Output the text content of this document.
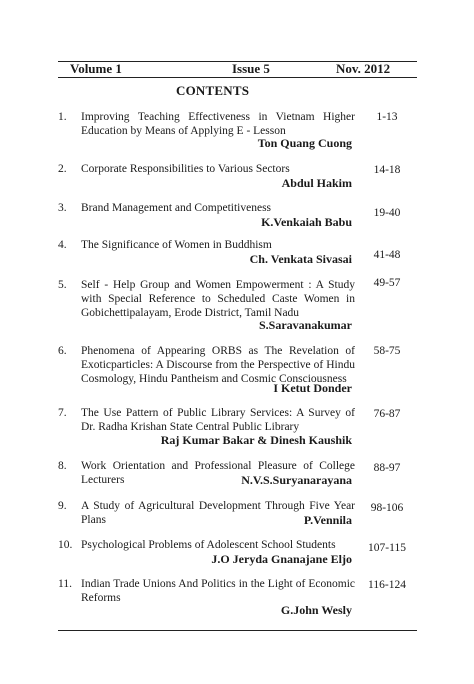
Volume 1	Issue 5	Nov. 2012
CONTENTS
1. Improving Teaching Effectiveness in Vietnam Higher Education by Means of Applying E - Lesson
Ton Quang Cuong
1-13
2. Corporate Responsibilities to Various Sectors
Abdul Hakim
14-18
3. Brand Management and Competitiveness
K.Venkaiah Babu
19-40
4. The Significance of Women in Buddhism
Ch. Venkata Sivasai	41-48
5. Self - Help Group and Women Empowerment : A Study with Special Reference to Scheduled Caste Women in Gobichettipalayam, Erode District, Tamil Nadu
S.Saravanakumar
49-57
6. Phenomena of Appearing ORBS as The Revelation of Exoticparticles: A Discourse from the Perspective of Hindu Cosmology, Hindu Pantheism and Cosmic Consciousness
I Ketut Donder
58-75
7. The Use Pattern of Public Library Services: A Survey of Dr. Radha Krishan State Central Public Library
Raj Kumar Bakar & Dinesh Kaushik
76-87
8. Work Orientation and Professional Pleasure of College Lecturers	N.V.S.Suryanarayana
88-97
9. A Study of Agricultural Development Through Five Year Plans	P.Vennila
98-106
10. Psychological Problems of Adolescent School Students
J.O Jeryda Gnanajane Eljo
107-115
11. Indian Trade Unions And Politics in the Light of Economic Reforms
G.John Wesly
116-124
